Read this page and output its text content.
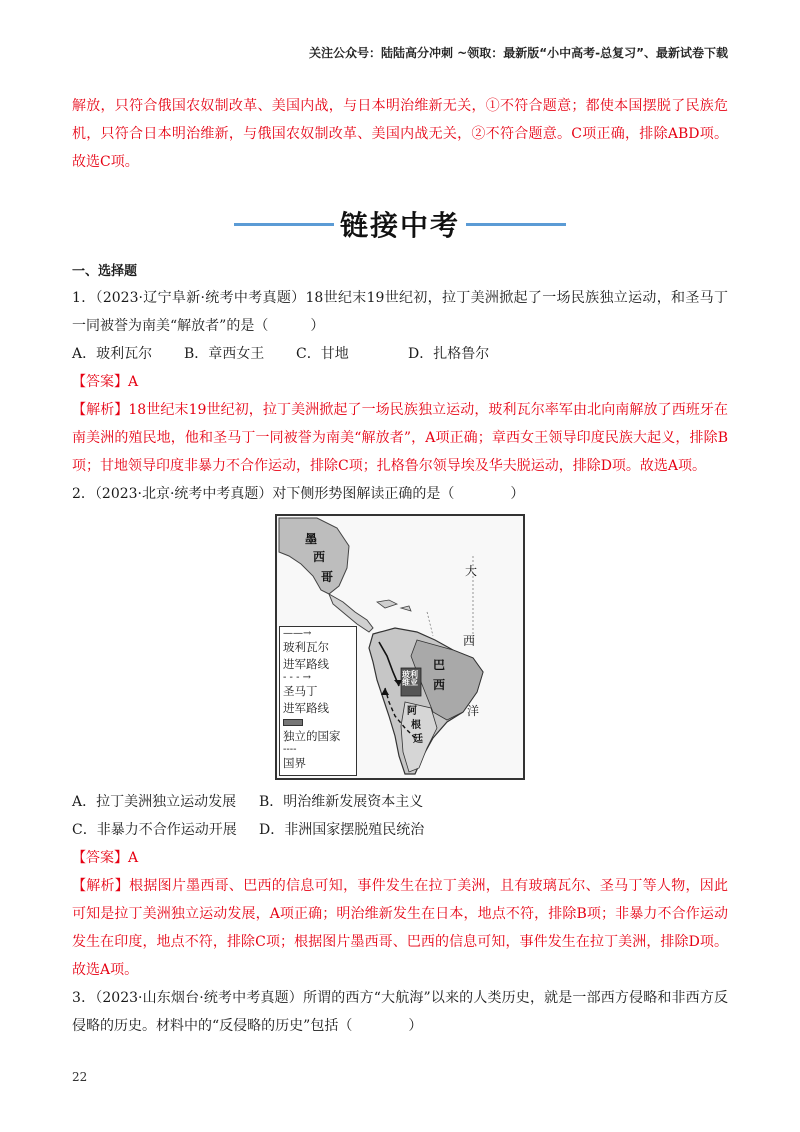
关注公众号：陆陆高分冲刺 ~领取：最新版“小中高考-总复习”、最新试卷下载

解放，只符合俄国农奴制改革、美国内战，与日本明治维新无关，①不符合题意；都使本国摆脱了民族危机，只符合日本明治维新，与俄国农奴制改革、美国内战无关，②不符合题意。C项正确，排除ABD项。故选C项。

链接中考
一、选择题

1．（2023·辽宁阜新·统考中考真题）18世纪末19世纪初，拉丁美洲掀起了一场民族独立运动，和圣马丁一同被誉为南美“解放者”的是（　　　）

A．玻利瓦尔	B．章西女王	C．甘地	D．扎格鲁尔
【答案】A

【解析】18世纪末19世纪初，拉丁美洲掀起了一场民族独立运动，玻利瓦尔率军由北向南解放了西班牙在南美洲的殖民地，他和圣马丁一同被誉为南美“解放者”，A项正确；章西女王领导印度民族大起义，排除B项；甘地领导印度非暴力不合作运动，排除C项；扎格鲁尔领导埃及华夫脱运动，排除D项。故选A项。

2．（2023·北京·统考中考真题）对下侧形势图解读正确的是（　　　　）

墨
西
哥
巴
西
玻利维亚
阿
根
廷
大
西
洋
——→
玻利瓦尔
进军路线
- - - →
圣马丁
进军路线
独立的国家
----
国界
A．拉丁美洲独立运动发展	B．明治维新发展资本主义
C．非暴力不合作运动开展	D．非洲国家摆脱殖民统治
【答案】A

【解析】根据图片墨西哥、巴西的信息可知，事件发生在拉丁美洲，且有玻璃瓦尔、圣马丁等人物，因此可知是拉丁美洲独立运动发展，A项正确；明治维新发生在日本，地点不符，排除B项；非暴力不合作运动发生在印度，地点不符，排除C项；根据图片墨西哥、巴西的信息可知，事件发生在拉丁美洲，排除D项。故选A项。

3．（2023·山东烟台·统考中考真题）所谓的西方“大航海”以来的人类历史，就是一部西方侵略和非西方反侵略的历史。材料中的“反侵略的历史”包括（　　　　）

22
